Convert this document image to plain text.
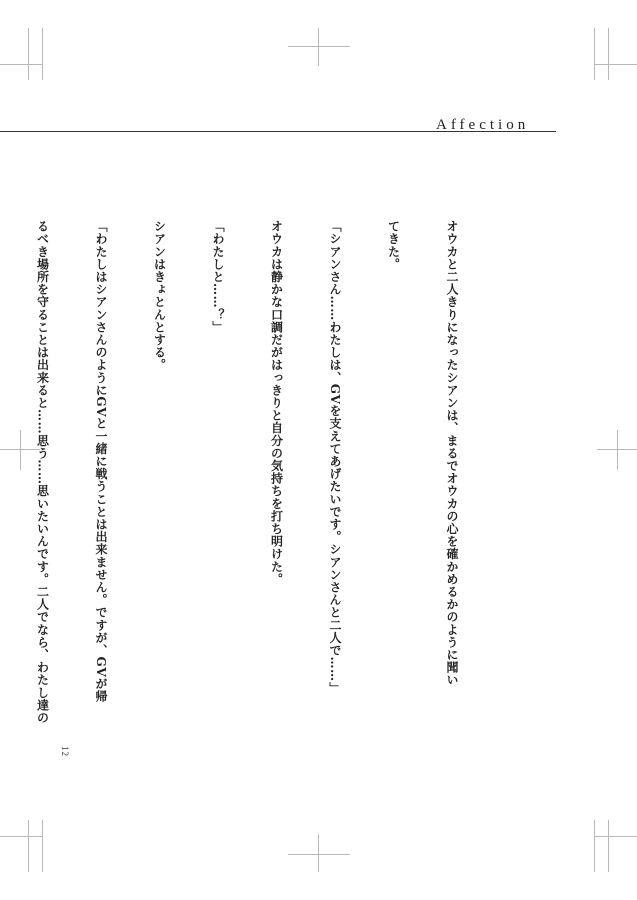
Affection

オウカと二人きりになったシアンは、まるでオウカの心を確かめるかのように聞い

てきた。

「シアンさん……わたしは、GVを支えてあげたいです。シアンさんと二人で……」

オウカは静かな口調だがはっきりと自分の気持ちを打ち明けた。

「わたしと……？」

シアンはきょとんとする。

「わたしはシアンさんのようにGVと一緒に戦うことは出来ません。ですが、GVが帰

るべき場所を守ることは出来ると……思う……思いたいんです。二人でなら、わたし達の

12
